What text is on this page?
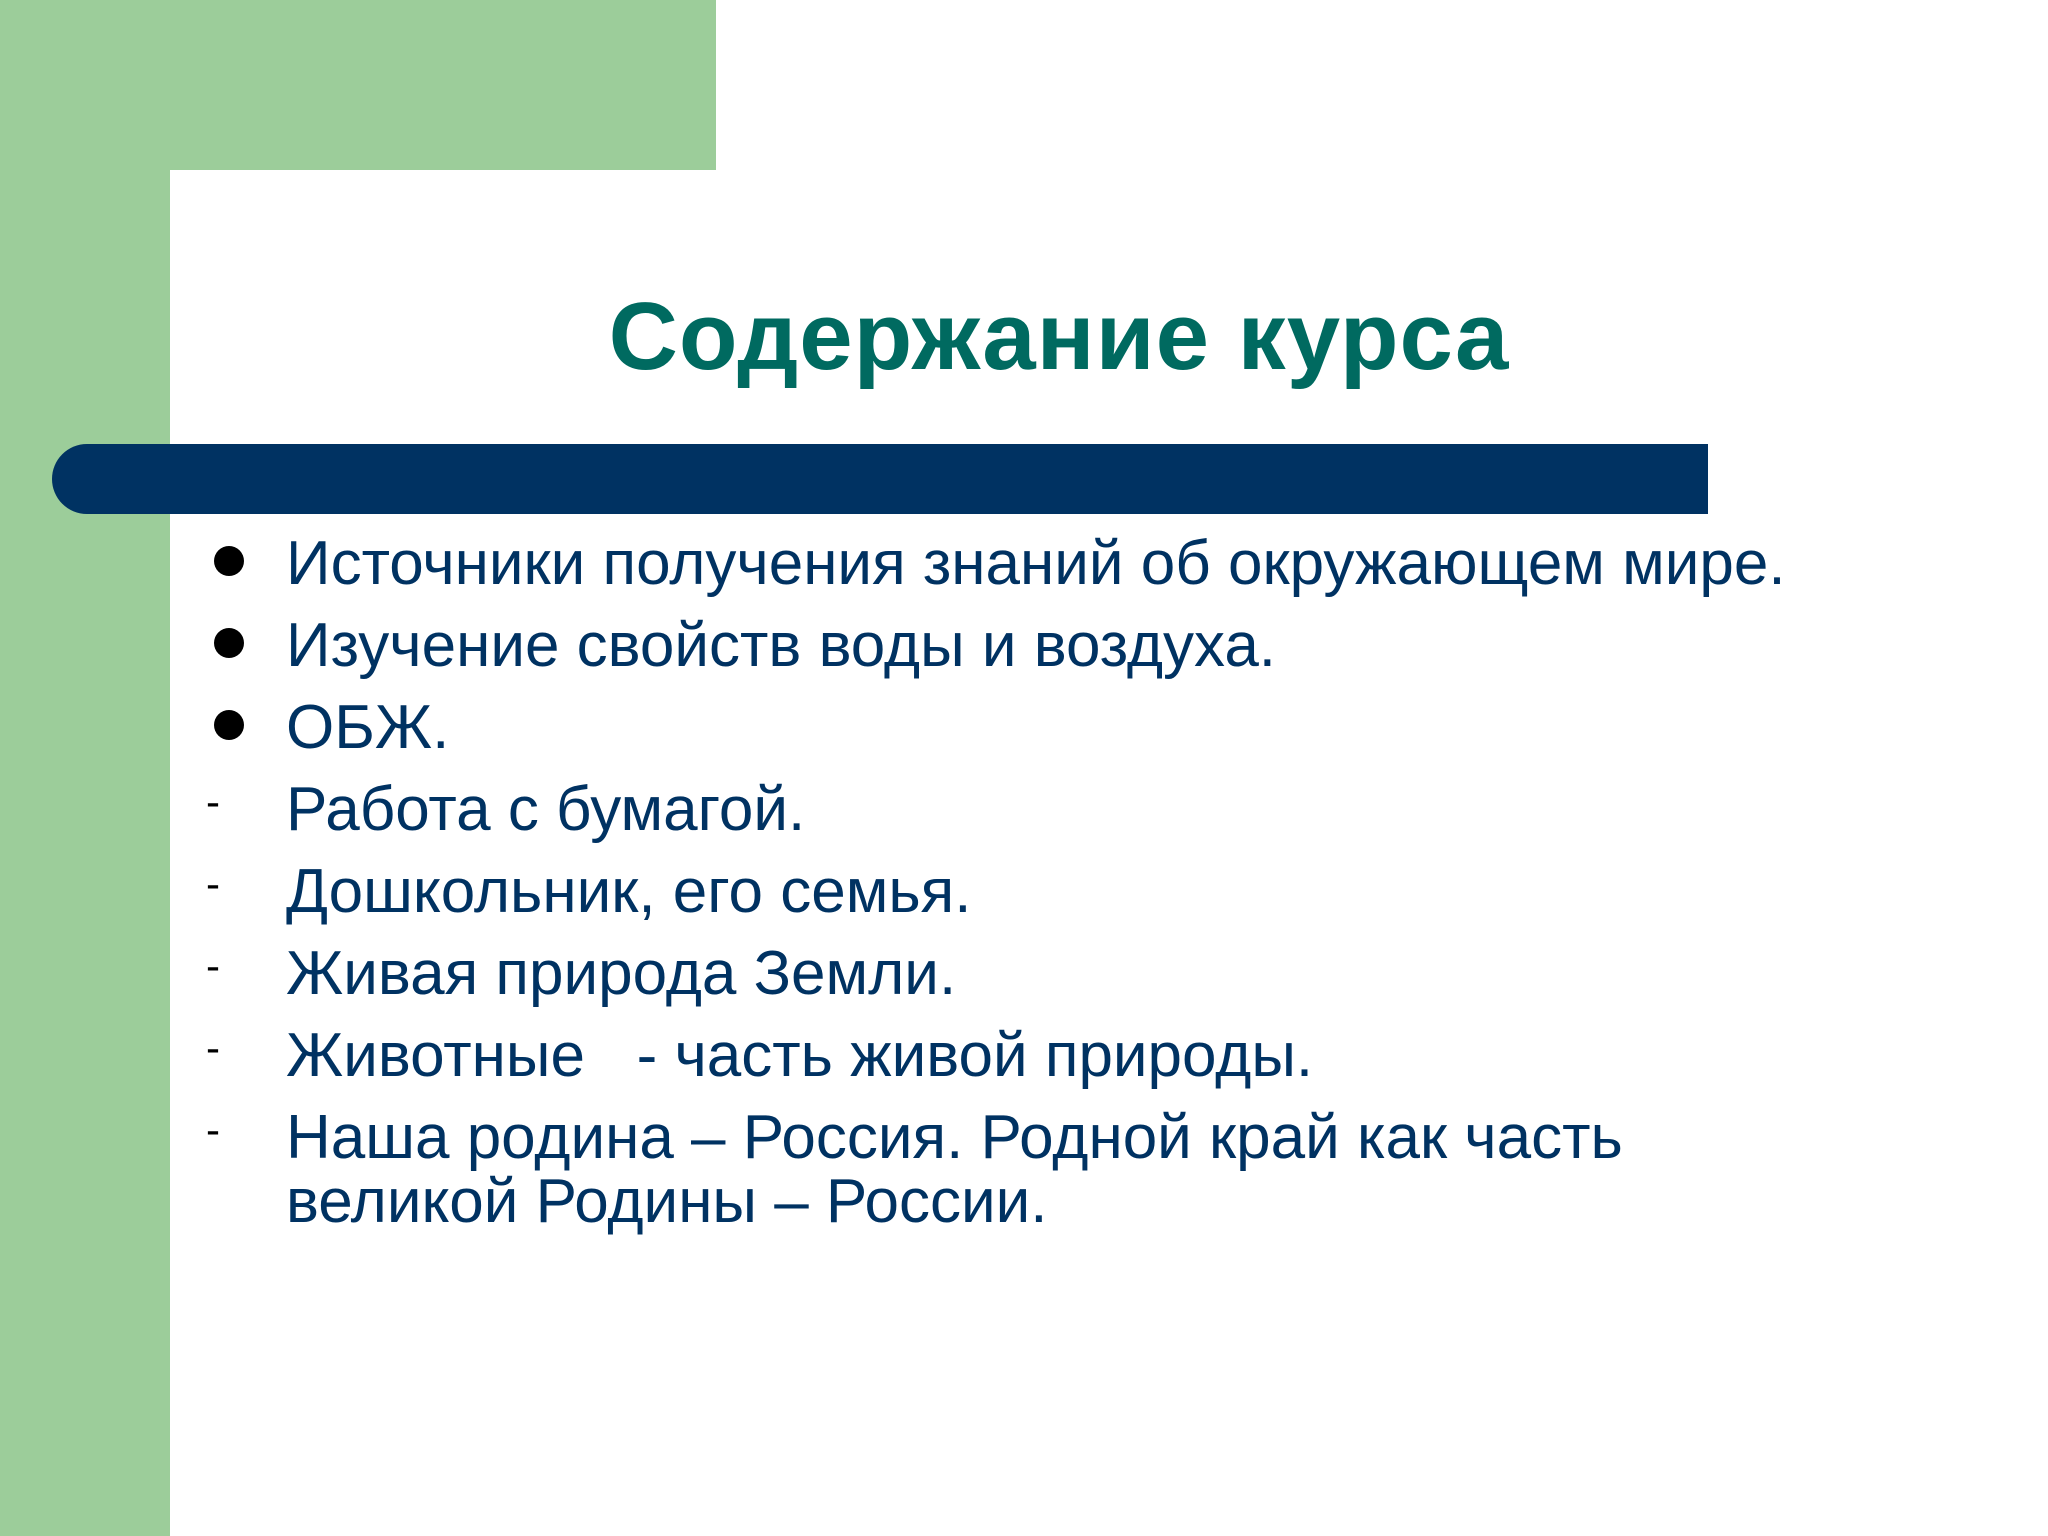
Содержание курса
Источники получения знаний об окружающем мире.
Изучение свойств воды и воздуха.
ОБЖ.
-	Работа с бумагой.
-	Дошкольник, его семья.
-	Живая природа Земли.
-	Животные   - часть живой природы.
-	Наша родина – Россия. Родной край как часть великой Родины – России.
